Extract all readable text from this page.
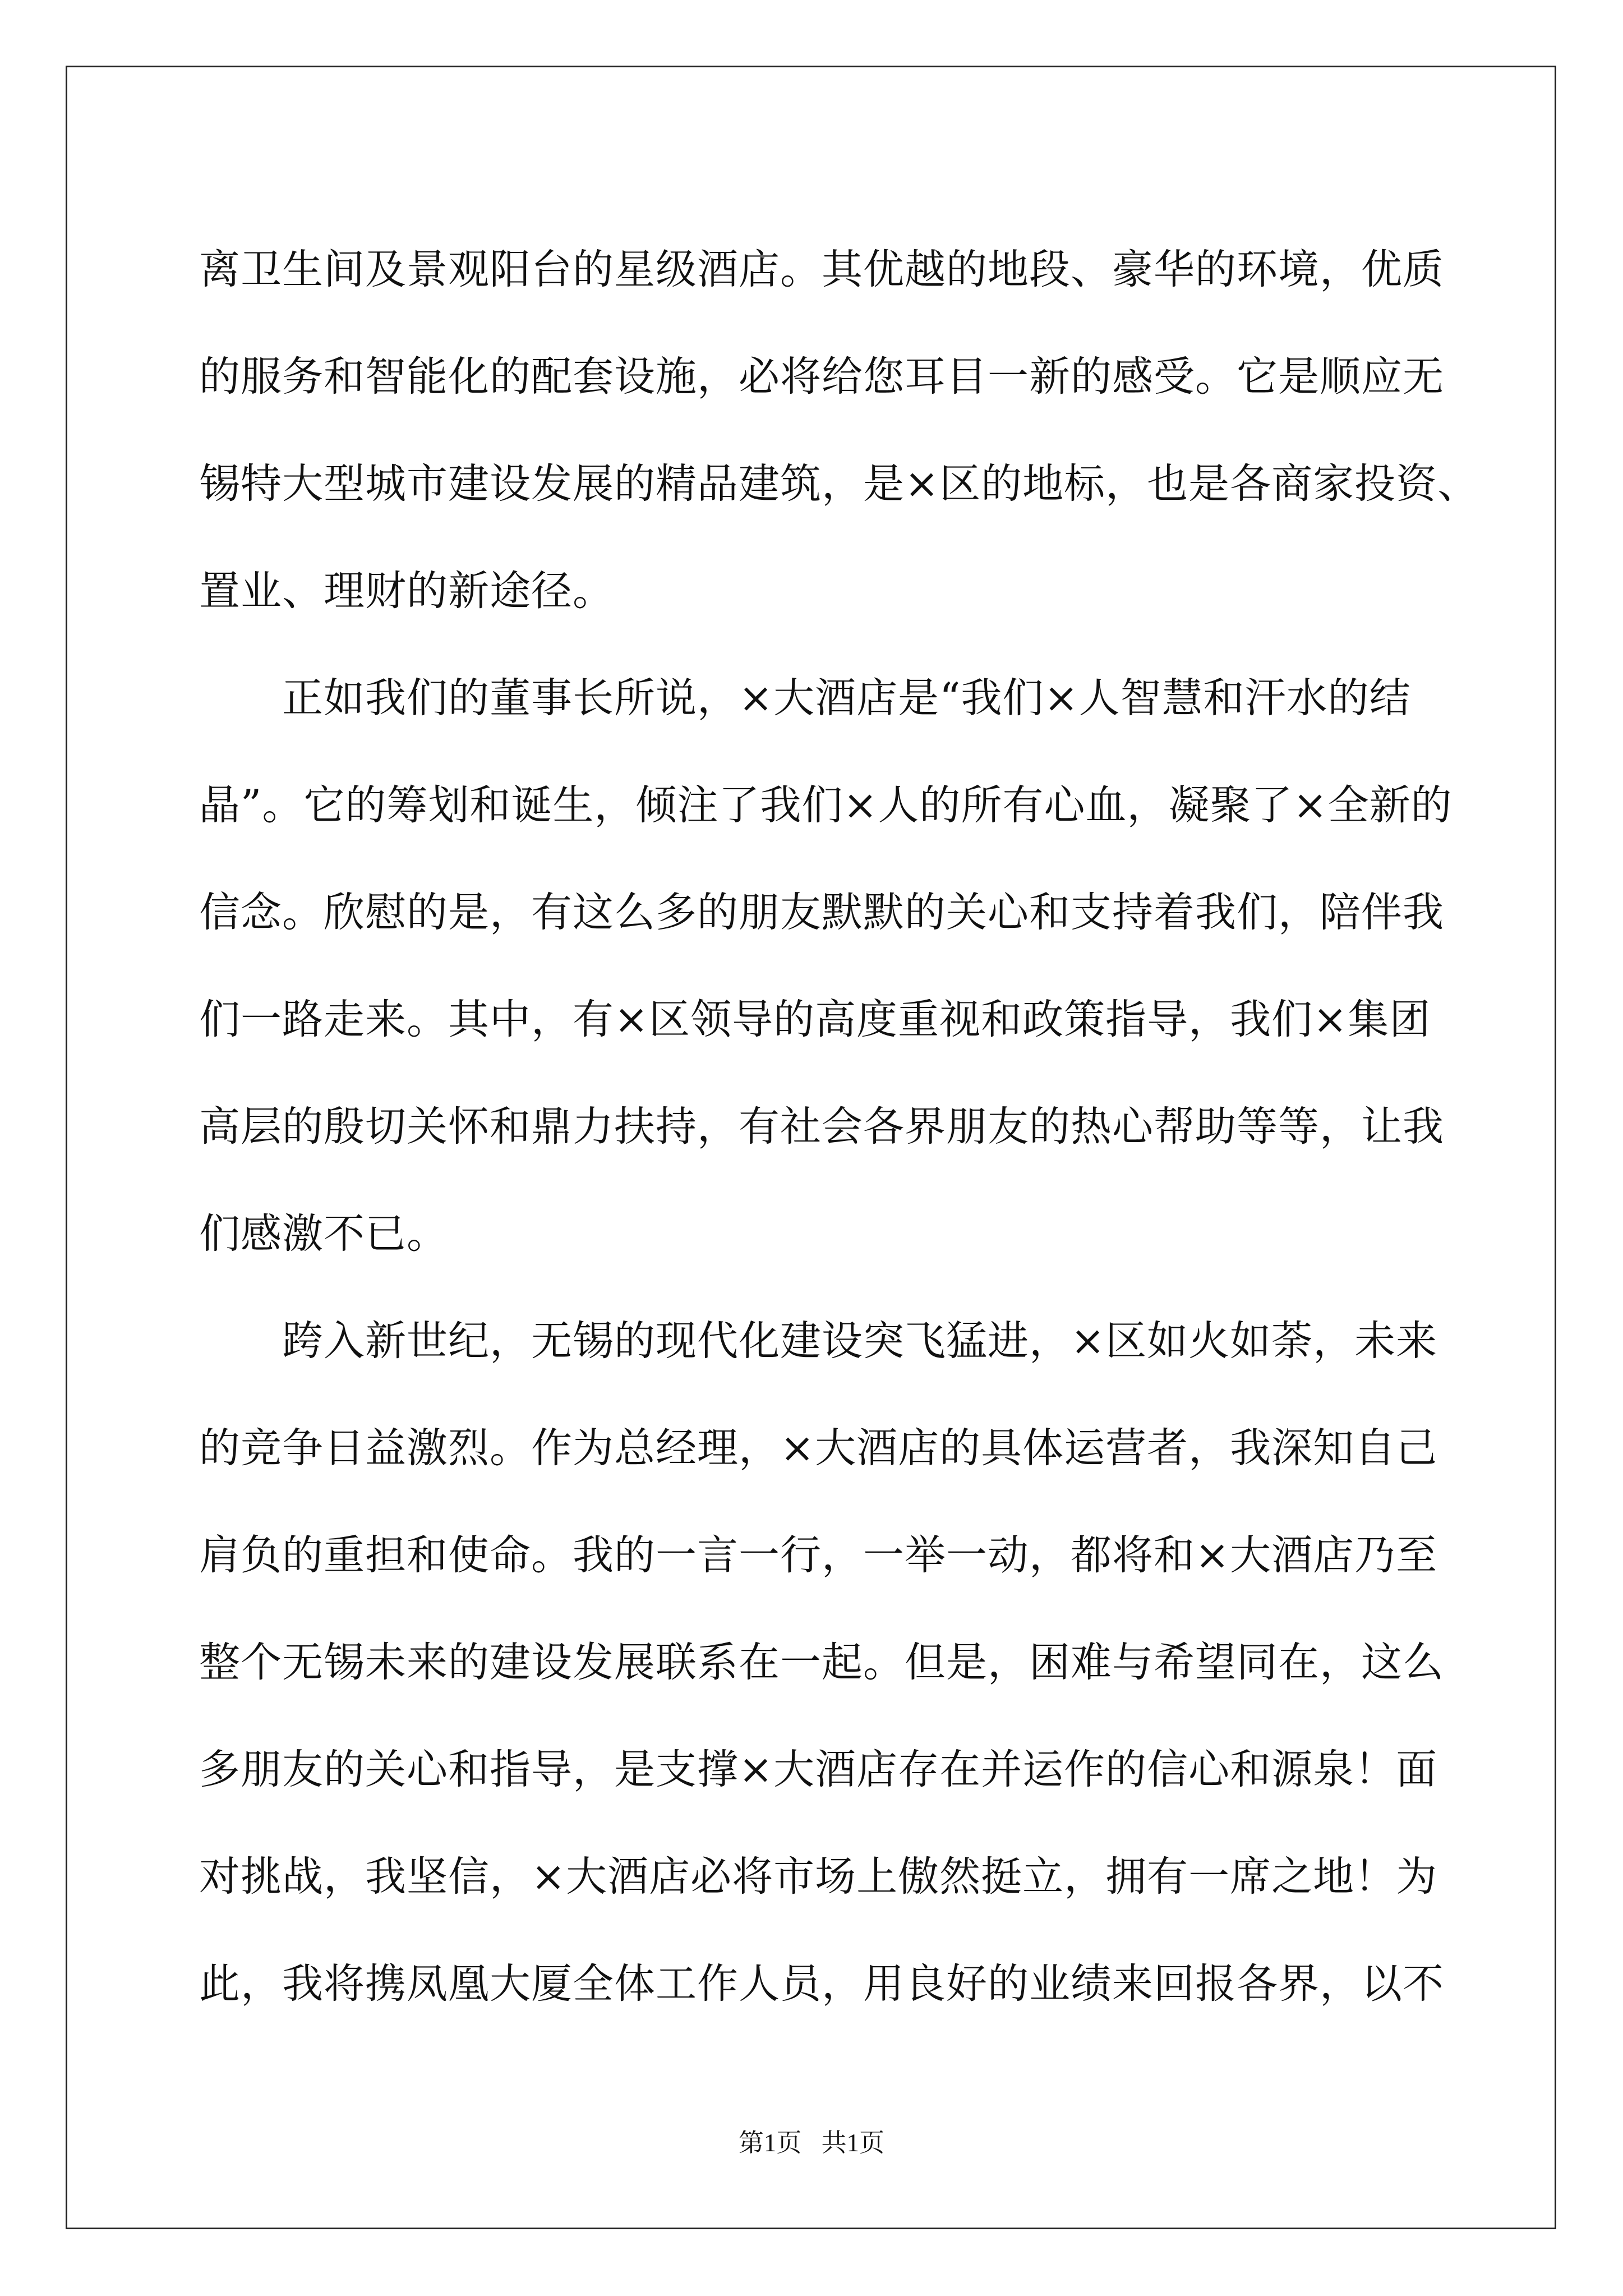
离卫生间及景观阳台的星级酒店。其优越的地段、豪华的环境，优质
的服务和智能化的配套设施，必将给您耳目一新的感受。它是顺应无
锡特大型城市建设发展的精品建筑，是×区的地标，也是各商家投资、
置业、理财的新途径。
　　正如我们的董事长所说，×大酒店是“我们×人智慧和汗水的结
晶”。它的筹划和诞生，倾注了我们×人的所有心血，凝聚了×全新的
信念。欣慰的是，有这么多的朋友默默的关心和支持着我们，陪伴我
们一路走来。其中，有×区领导的高度重视和政策指导，我们×集团
高层的殷切关怀和鼎力扶持，有社会各界朋友的热心帮助等等，让我
们感激不已。
　　跨入新世纪，无锡的现代化建设突飞猛进，×区如火如荼，未来
的竞争日益激烈。作为总经理，×大酒店的具体运营者，我深知自己
肩负的重担和使命。我的一言一行，一举一动，都将和×大酒店乃至
整个无锡未来的建设发展联系在一起。但是，困难与希望同在，这么
多朋友的关心和指导，是支撑×大酒店存在并运作的信心和源泉！面
对挑战，我坚信，×大酒店必将市场上傲然挺立，拥有一席之地！为
此，我将携凤凰大厦全体工作人员，用良好的业绩来回报各界，以不
第1页 共1页
